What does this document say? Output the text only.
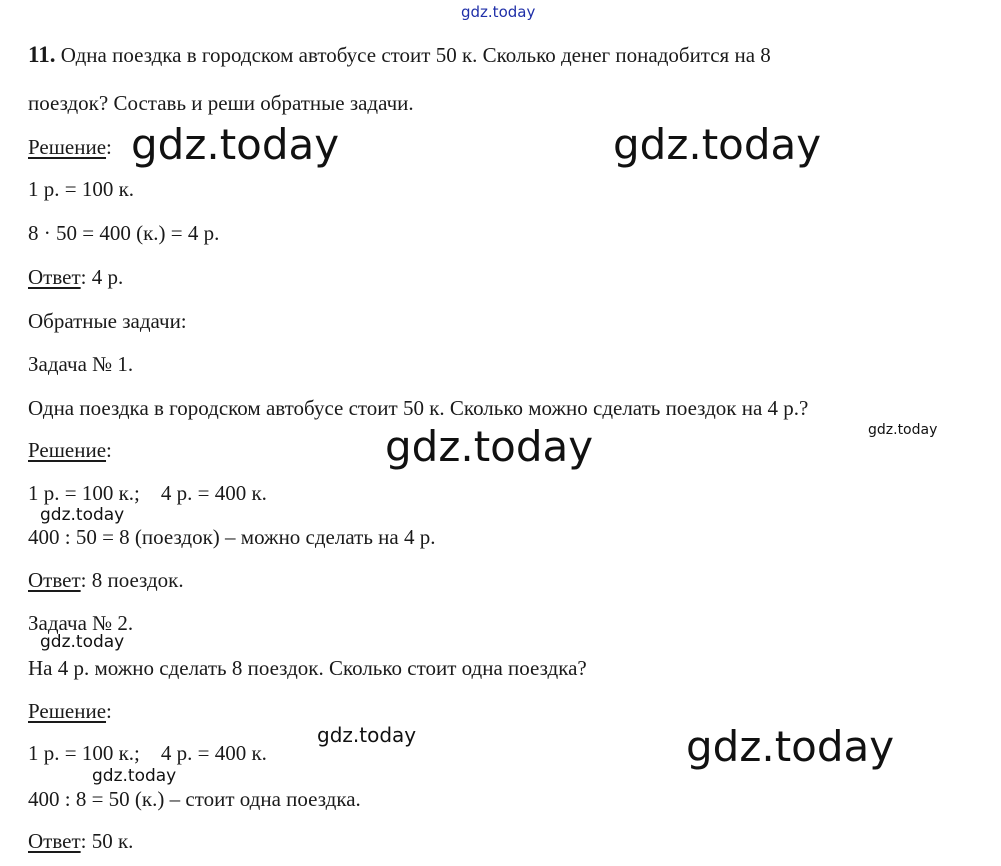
gdz.today
11. Одна поездка в городском автобусе стоит 50 к. Сколько денег понадобится на 8
поездок? Составь и реши обратные задачи.
Решение:
1 р. = 100 к.
8 · 50 = 400 (к.) = 4 р.
Ответ: 4 р.
Обратные задачи:
Задача № 1.
Одна поездка в городском автобусе стоит 50 к. Сколько можно сделать поездок на 4 р.?
Решение:
1 р. = 100 к.;    4 р. = 400 к.
400 : 50 = 8 (поездок) – можно сделать на 4 р.
Ответ: 8 поездок.
Задача № 2.
На 4 р. можно сделать 8 поездок. Сколько стоит одна поездка?
Решение:
1 р. = 100 к.;    4 р. = 400 к.
400 : 8 = 50 (к.) – стоит одна поездка.
Ответ: 50 к.
gdz.today	gdz.today
gdz.today	gdz.today
gdz.today
gdz.today
gdz.today	gdz.today
gdz.today
